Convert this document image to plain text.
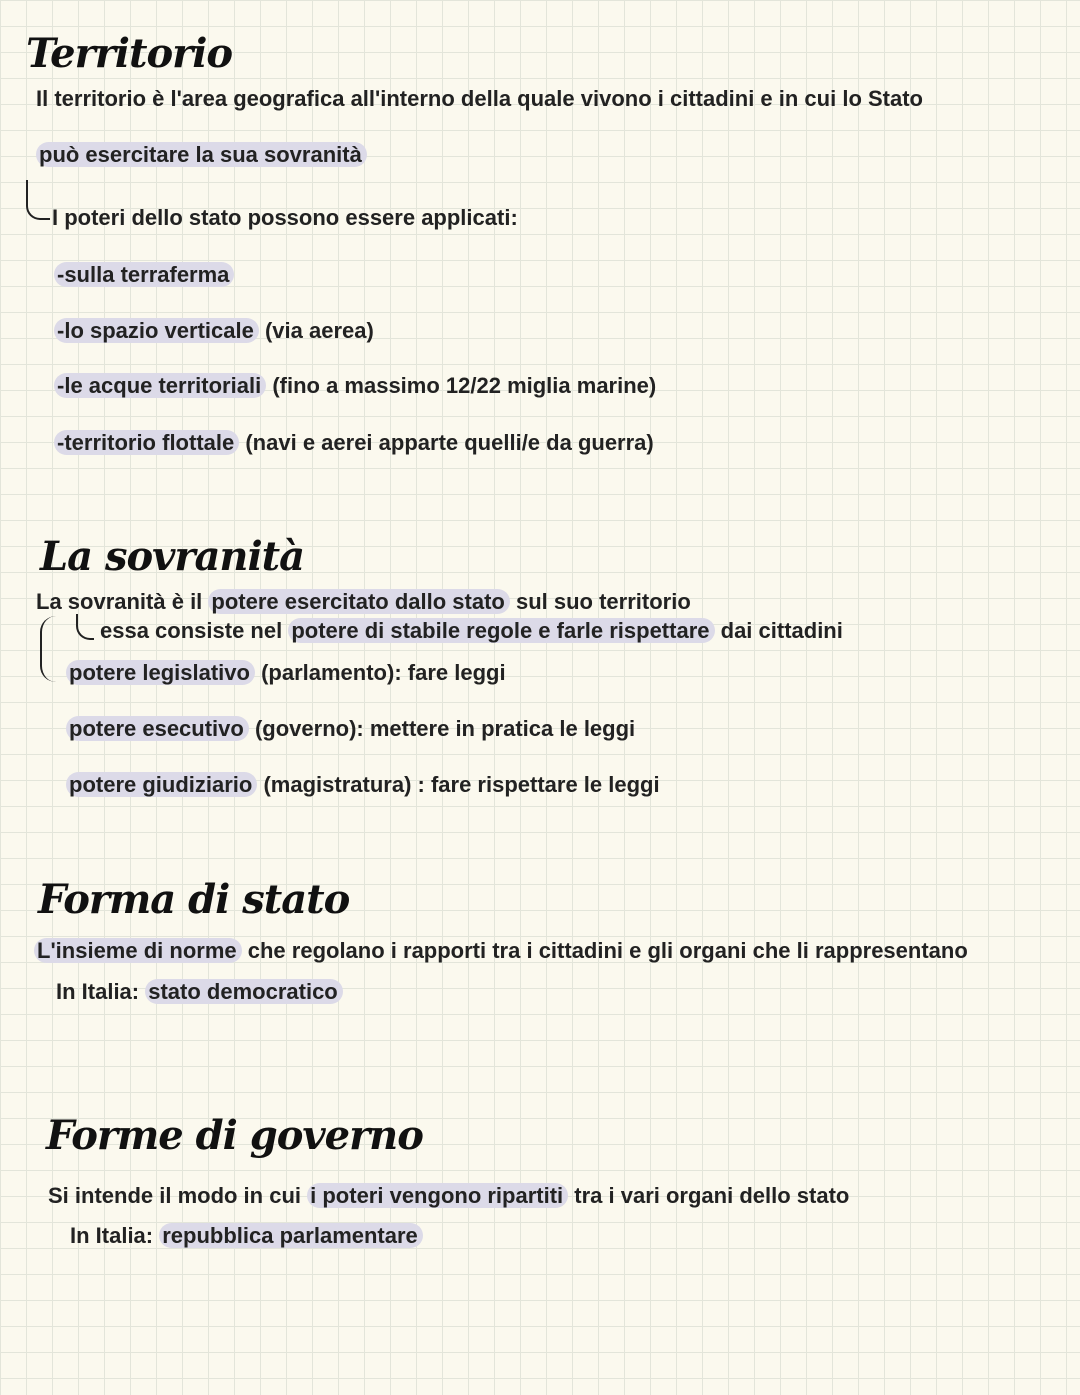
Territorio

Il territorio è l'area geografica all'interno della quale vivono i cittadini e in cui lo Stato

può esercitare la sua sovranità

I poteri dello stato possono essere applicati:

-sulla terraferma

-lo spazio verticale (via aerea)

-le acque territoriali (fino a massimo 12/22 miglia marine)

-territorio flottale (navi e aerei apparte quelli/e da guerra)

La sovranità

La sovranità è il potere esercitato dallo stato sul suo territorio

essa consiste nel potere di stabile regole e farle rispettare dai cittadini

potere legislativo (parlamento): fare leggi

potere esecutivo (governo): mettere in pratica le leggi

potere giudiziario (magistratura) : fare rispettare le leggi

Forma di stato

L'insieme di norme che regolano i rapporti tra i cittadini e gli organi che li rappresentano

In Italia: stato democratico

Forme di governo

Si intende il modo in cui i poteri vengono ripartiti tra i vari organi dello stato

In Italia: repubblica parlamentare
